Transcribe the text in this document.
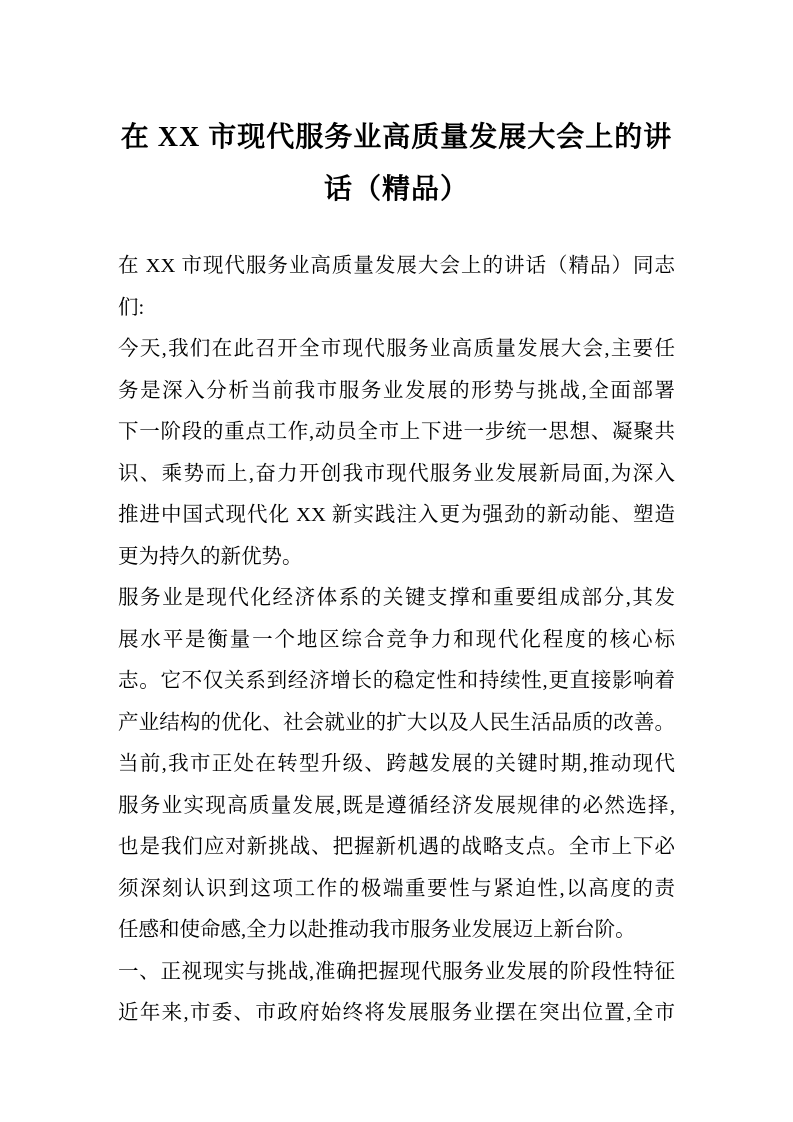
在 XX 市现代服务业高质量发展大会上的讲
话（精品）
在 XX 市现代服务业高质量发展大会上的讲话（精品）同志
们:
今天,我们在此召开全市现代服务业高质量发展大会,主要任
务是深入分析当前我市服务业发展的形势与挑战,全面部署
下一阶段的重点工作,动员全市上下进一步统一思想、凝聚共
识、乘势而上,奋力开创我市现代服务业发展新局面,为深入
推进中国式现代化 XX 新实践注入更为强劲的新动能、塑造
更为持久的新优势。
服务业是现代化经济体系的关键支撑和重要组成部分,其发
展水平是衡量一个地区综合竞争力和现代化程度的核心标
志。它不仅关系到经济增长的稳定性和持续性,更直接影响着
产业结构的优化、社会就业的扩大以及人民生活品质的改善。
当前,我市正处在转型升级、跨越发展的关键时期,推动现代
服务业实现高质量发展,既是遵循经济发展规律的必然选择,
也是我们应对新挑战、把握新机遇的战略支点。全市上下必
须深刻认识到这项工作的极端重要性与紧迫性,以高度的责
任感和使命感,全力以赴推动我市服务业发展迈上新台阶。
一、正视现实与挑战,准确把握现代服务业发展的阶段性特征
近年来,市委、市政府始终将发展服务业摆在突出位置,全市
